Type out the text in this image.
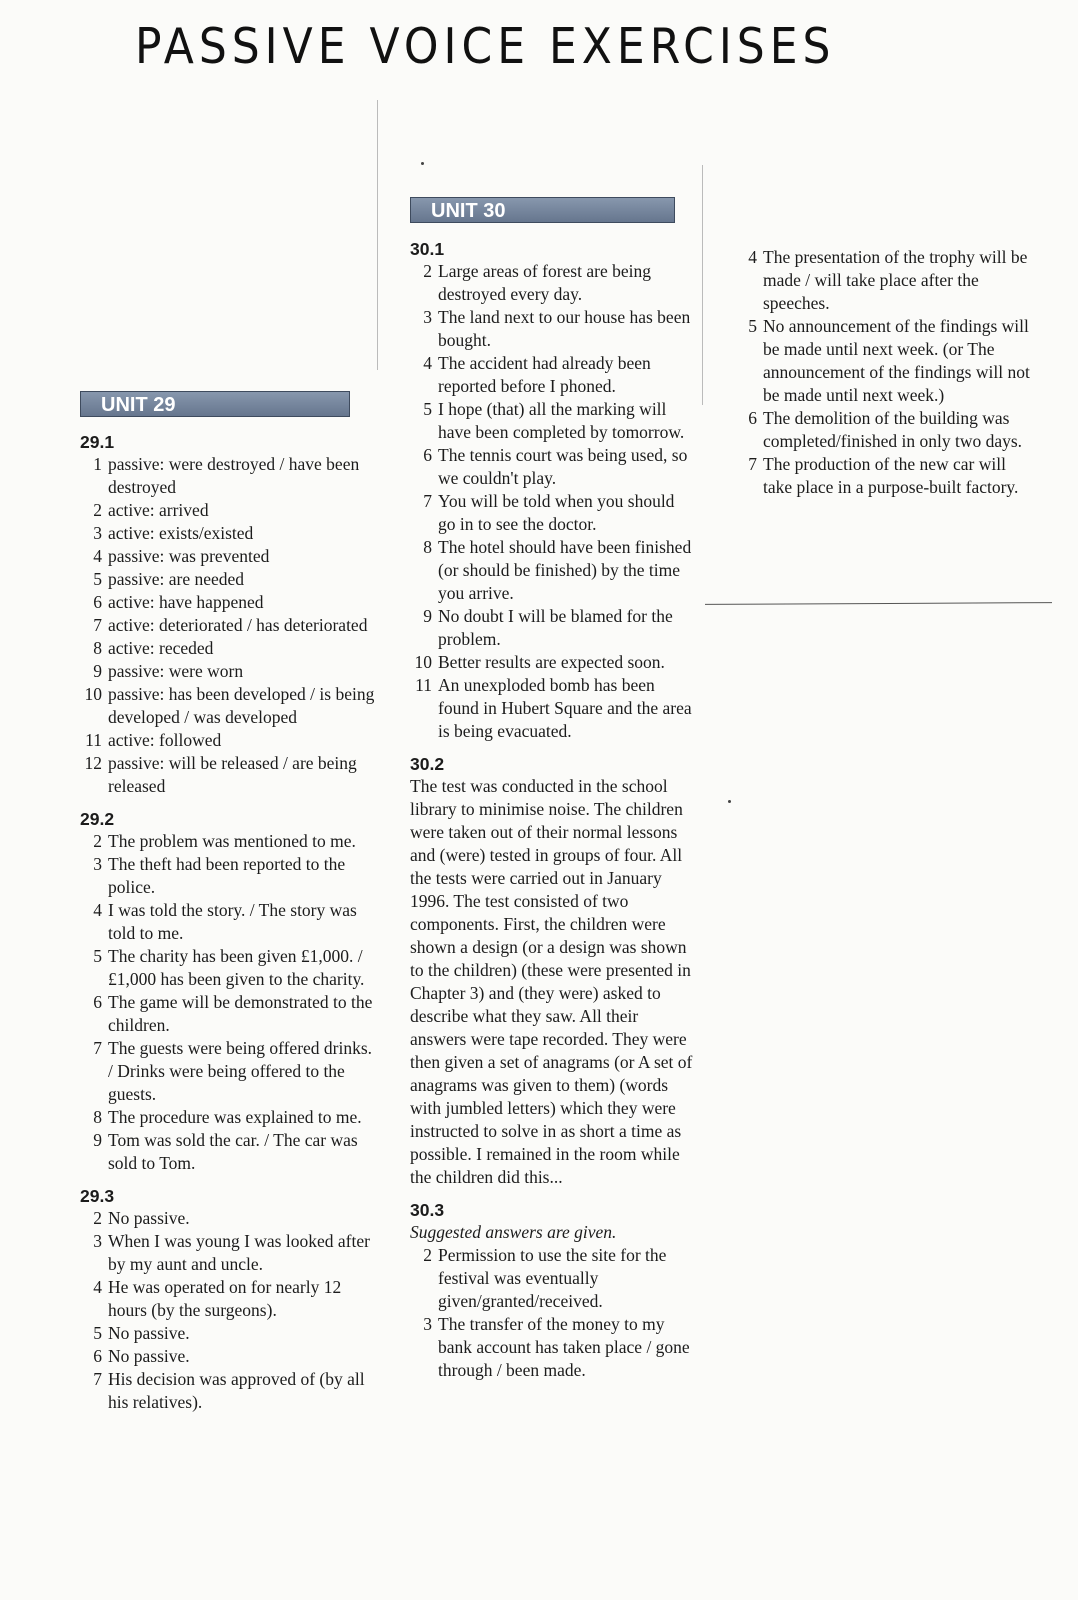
PASSIVE VOICE EXERCISES
UNIT 29
29.1
1 passive: were destroyed / have been destroyed
2 active: arrived
3 active: exists/existed
4 passive: was prevented
5 passive: are needed
6 active: have happened
7 active: deteriorated / has deteriorated
8 active: receded
9 passive: were worn
10 passive: has been developed / is being developed / was developed
11 active: followed
12 passive: will be released / are being released
29.2
2 The problem was mentioned to me.
3 The theft had been reported to the police.
4 I was told the story. / The story was told to me.
5 The charity has been given £1,000. / £1,000 has been given to the charity.
6 The game will be demonstrated to the children.
7 The guests were being offered drinks. / Drinks were being offered to the guests.
8 The procedure was explained to me.
9 Tom was sold the car. / The car was sold to Tom.
29.3
2 No passive.
3 When I was young I was looked after by my aunt and uncle.
4 He was operated on for nearly 12 hours (by the surgeons).
5 No passive.
6 No passive.
7 His decision was approved of (by all his relatives).
UNIT 30
30.1
2 Large areas of forest are being destroyed every day.
3 The land next to our house has been bought.
4 The accident had already been reported before I phoned.
5 I hope (that) all the marking will have been completed by tomorrow.
6 The tennis court was being used, so we couldn't play.
7 You will be told when you should go in to see the doctor.
8 The hotel should have been finished (or should be finished) by the time you arrive.
9 No doubt I will be blamed for the problem.
10 Better results are expected soon.
11 An unexploded bomb has been found in Hubert Square and the area is being evacuated.
30.2

The test was conducted in the school library to minimise noise. The children were taken out of their normal lessons and (were) tested in groups of four. All the tests were carried out in January 1996. The test consisted of two components. First, the children were shown a design (or a design was shown to the children) (these were presented in Chapter 3) and (they were) asked to describe what they saw. All their answers were tape recorded. They were then given a set of anagrams (or A set of anagrams was given to them) (words with jumbled letters) which they were instructed to solve in as short a time as possible. I remained in the room while the children did this...

30.3

Suggested answers are given.

2 Permission to use the site for the festival was eventually given/granted/received.
3 The transfer of the money to my bank account has taken place / gone through / been made.
4 The presentation of the trophy will be made / will take place after the speeches.
5 No announcement of the findings will be made until next week. (or The announcement of the findings will not be made until next week.)
6 The demolition of the building was completed/finished in only two days.
7 The production of the new car will take place in a purpose-built factory.
